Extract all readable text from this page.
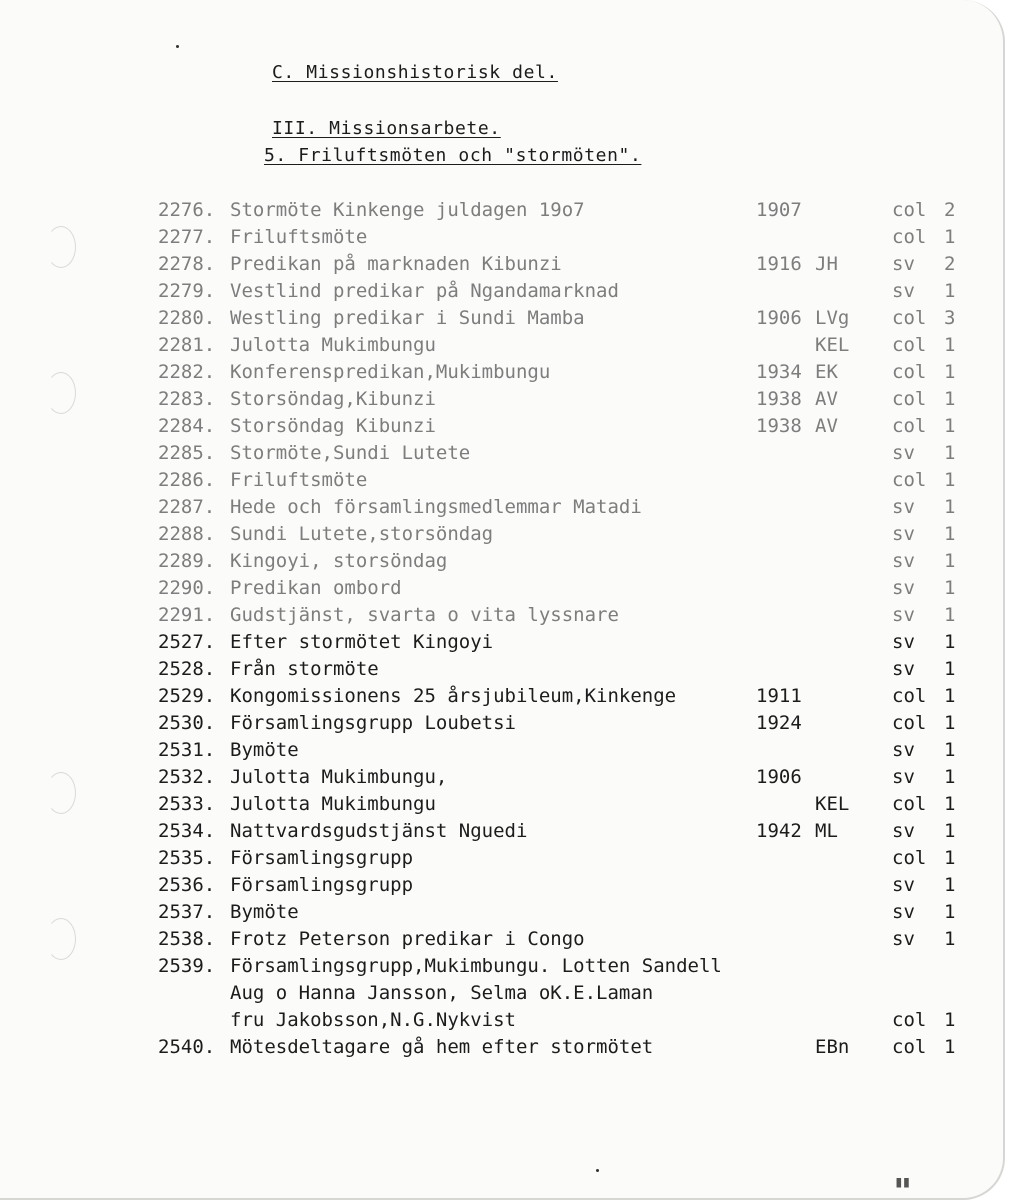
C. Missionshistorisk del.
III. Missionsarbete.
5. Friluftsmöten och "stormöten".
2276. Stormöte Kinkenge juldagen 19o7	1907	col 2
2277. Friluftsmöte	col 1
2278. Predikan på marknaden Kibunzi	1916 JH	sv 2
2279. Vestlind predikar på Ngandamarknad	sv 1
2280. Westling predikar i Sundi Mamba	1906 LVg col 3
2281. Julotta Mukimbungu	KEL col 1
2282. Konferenspredikan,Mukimbungu	1934 EK	col 1
2283. Storsöndag,Kibunzi	1938 AV	col 1
2284. Storsöndag Kibunzi	1938 AV	col 1
2285. Stormöte,Sundi Lutete	sv 1
2286. Friluftsmöte	col 1
2287. Hede och församlingsmedlemmar Matadi	sv 1
2288. Sundi Lutete,storsöndag	sv 1
2289. Kingoyi, storsöndag	sv 1
2290. Predikan ombord	sv 1
2291. Gudstjänst, svarta o vita lyssnare	sv 1
2527. Efter stormötet Kingoyi	sv 1
2528. Från stormöte	sv 1
2529. Kongomissionens 25 årsjubileum,Kinkenge	1911	col 1
2530. Församlingsgrupp Loubetsi	1924	col 1
2531. Bymöte	sv 1
2532. Julotta Mukimbungu,	1906	sv 1
2533. Julotta Mukimbungu	KEL col 1
2534. Nattvardsgudstjänst Nguedi	1942 ML	sv 1
2535. Församlingsgrupp	col 1
2536. Församlingsgrupp	sv 1
2537. Bymöte	sv 1
2538. Frotz Peterson predikar i Congo	sv 1
2539. Församlingsgrupp,Mukimbungu. Lotten Sandell
Aug o Hanna Jansson, Selma oK.E.Laman
fru Jakobsson,N.G.Nykvist	col 1
2540. Mötesdeltagare gå hem efter stormötet	EBn col 1
▮▮
